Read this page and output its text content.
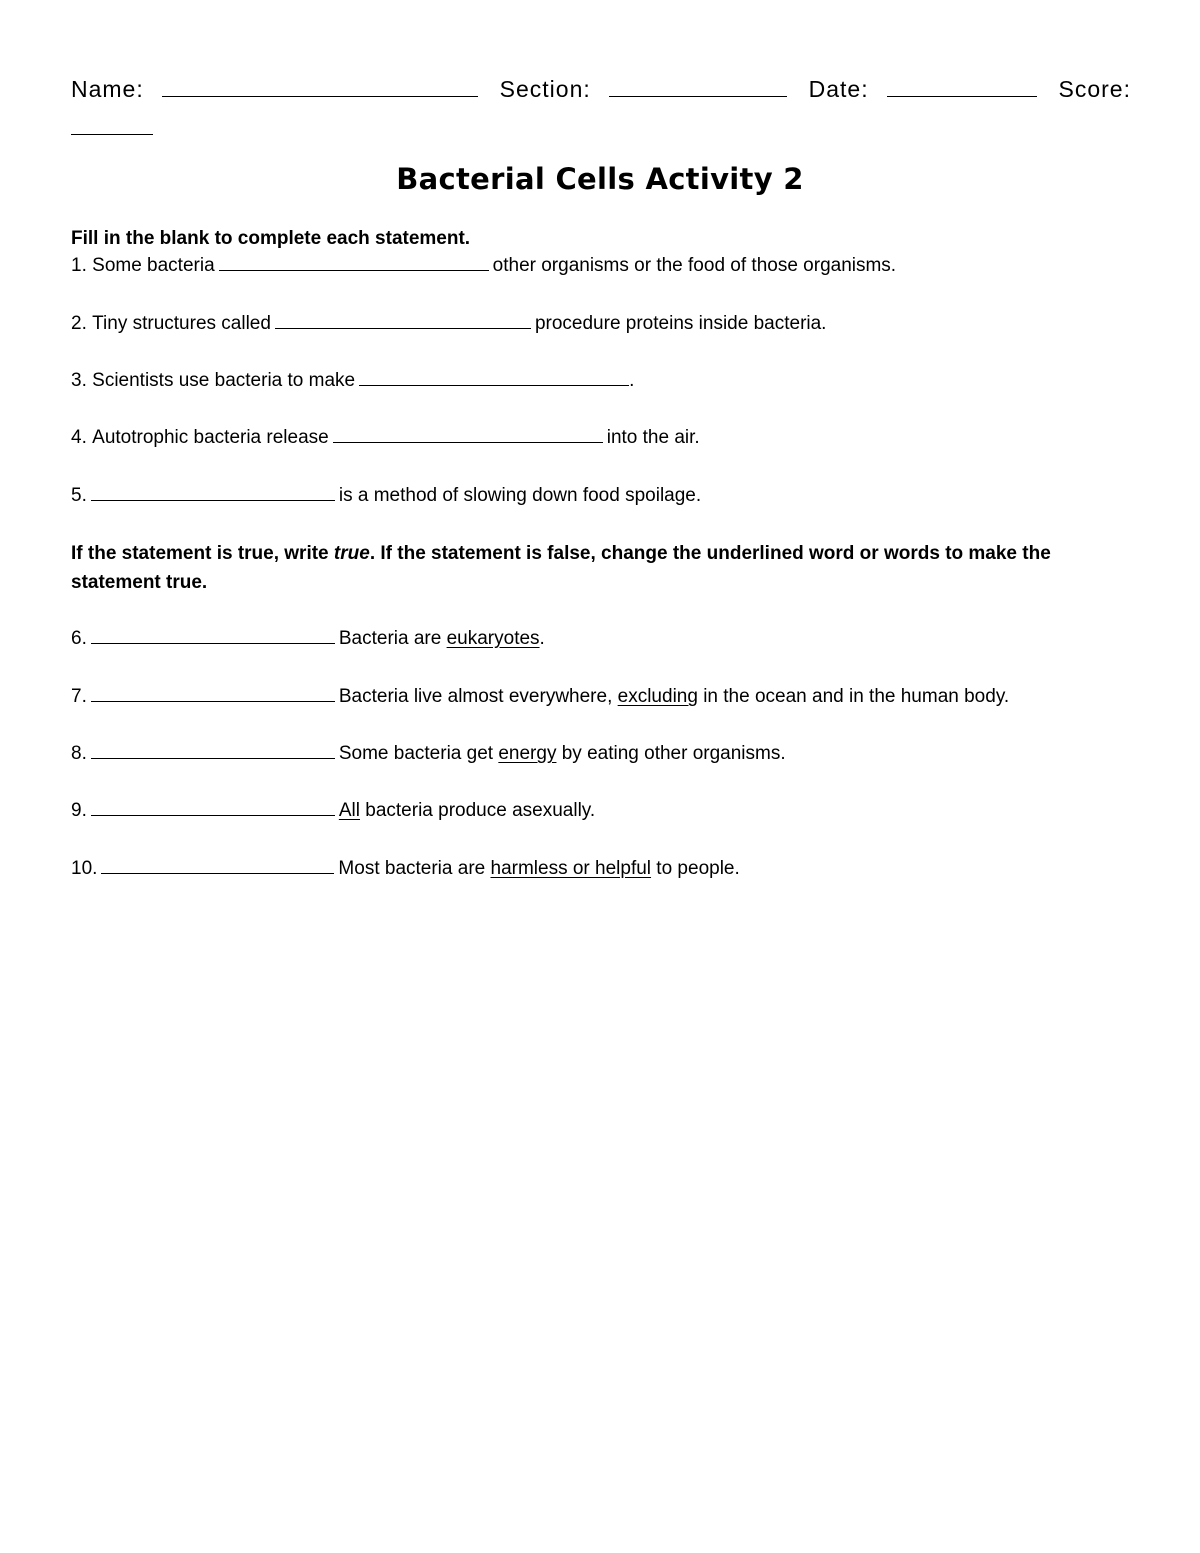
Name:	Section:	Date:	Score:
Bacterial Cells Activity 2
Fill in the blank to complete each statement.
1.
Some bacteria	other organisms or the food of those organisms.
2.
Tiny structures called	procedure proteins inside bacteria.
3.
Scientists use bacteria to make	.
4.
Autotrophic bacteria release	into the air.
5.	is a method of slowing down food spoilage.
If the statement is true, write true. If the statement is false, change the underlined word or words to make the statement true.
6.	Bacteria are eukaryotes.
7.	Bacteria live almost everywhere, excluding in the ocean and in the human body.
8.	Some bacteria get energy by eating other organisms.
9.	All bacteria produce asexually.
10.	Most bacteria are harmless or helpful to people.
